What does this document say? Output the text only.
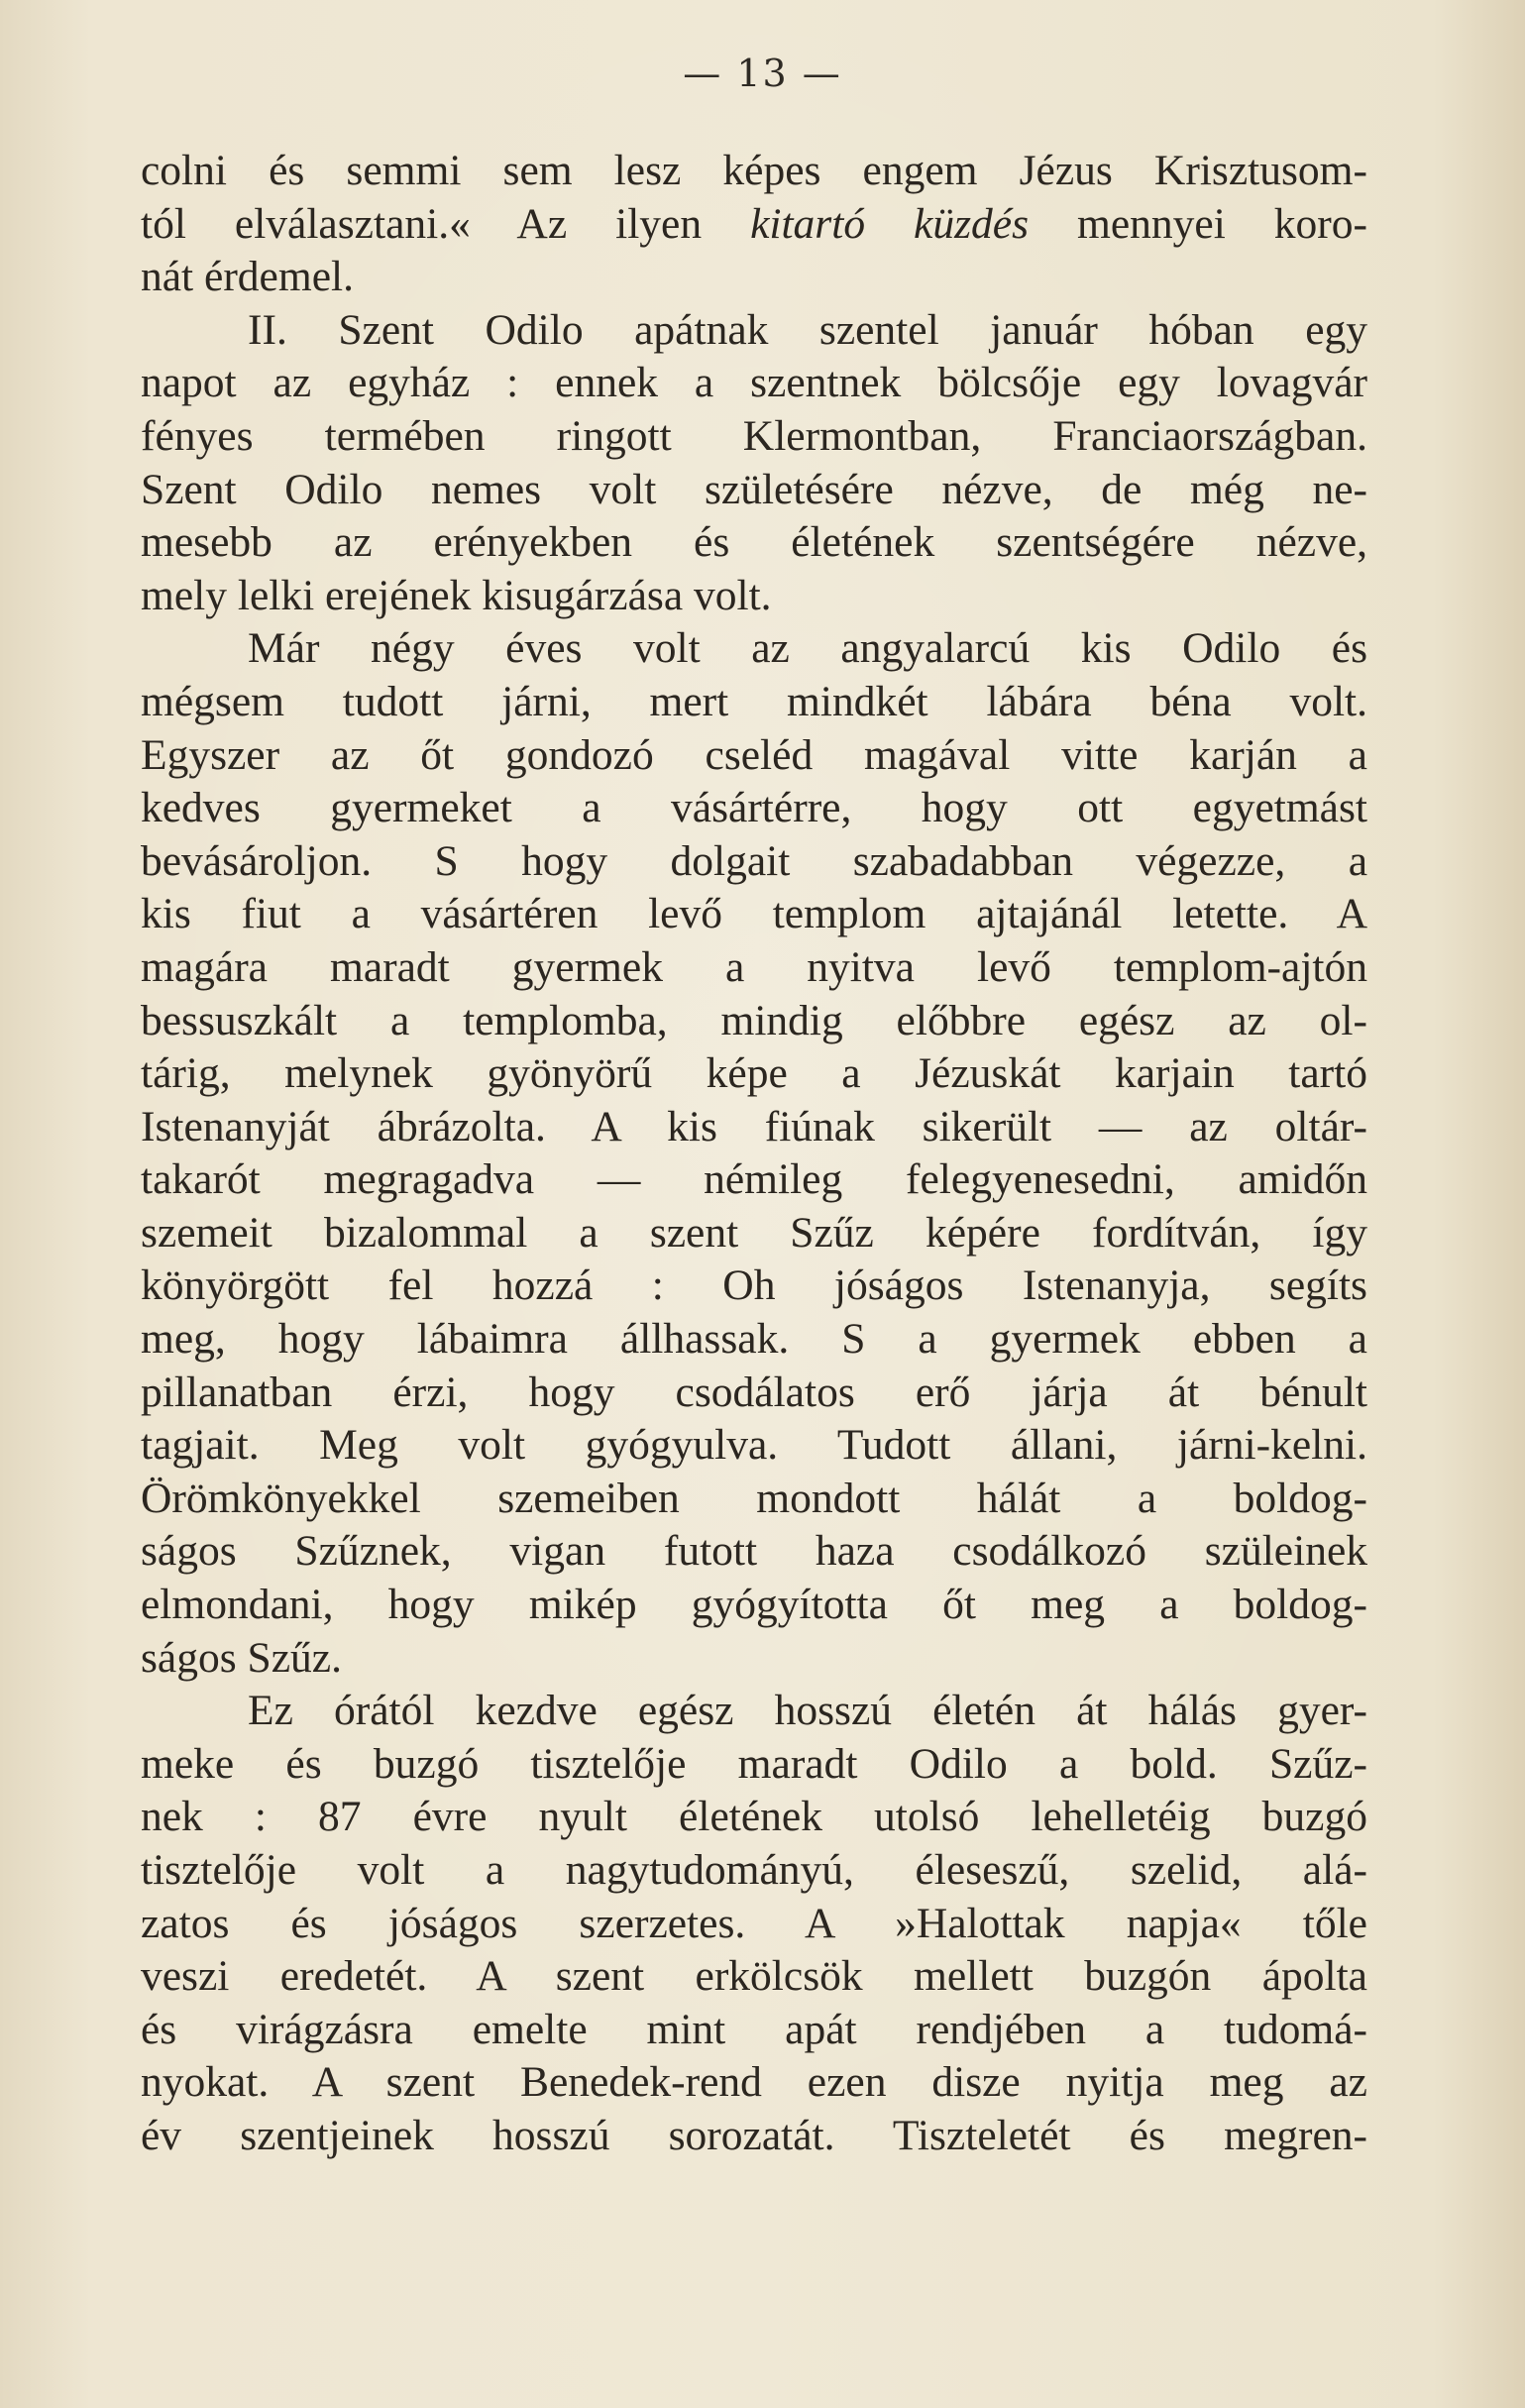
— 13 —
colni és semmi sem lesz képes engem Jézus Krisztusom-
tól elválasztani.« Az ilyen kitartó küzdés mennyei koro-
nát érdemel.
II. Szent Odilo apátnak szentel január hóban egy
napot az egyház : ennek a szentnek bölcsője egy lovagvár
fényes termében ringott Klermontban, Franciaországban.
Szent Odilo nemes volt születésére nézve, de még ne-
mesebb az erényekben és életének szentségére nézve,
mely lelki erejének kisugárzása volt.
Már négy éves volt az angyalarcú kis Odilo és
mégsem tudott járni, mert mindkét lábára béna volt.
Egyszer az őt gondozó cseléd magával vitte karján a
kedves gyermeket a vásártérre, hogy ott egyetmást
bevásároljon. S hogy dolgait szabadabban végezze, a
kis fiut a vásártéren levő templom ajtajánál letette. A
magára maradt gyermek a nyitva levő templom-ajtón
bessuszkált a templomba, mindig előbbre egész az ol-
tárig, melynek gyönyörű képe a Jézuskát karjain tartó
Istenanyját ábrázolta. A kis fiúnak sikerült — az oltár-
takarót megragadva — némileg felegyenesedni, amidőn
szemeit bizalommal a szent Szűz képére fordítván, így
könyörgött fel hozzá : Oh jóságos Istenanyja, segíts
meg, hogy lábaimra állhassak. S a gyermek ebben a
pillanatban érzi, hogy csodálatos erő járja át bénult
tagjait. Meg volt gyógyulva. Tudott állani, járni-kelni.
Örömkönyekkel szemeiben mondott hálát a boldog-
ságos Szűznek, vigan futott haza csodálkozó szüleinek
elmondani, hogy mikép gyógyította őt meg a boldog-
ságos Szűz.
Ez órától kezdve egész hosszú életén át hálás gyer-
meke és buzgó tisztelője maradt Odilo a bold. Szűz-
nek : 87 évre nyult életének utolsó lehelletéig buzgó
tisztelője volt a nagytudományú, éleseszű, szelid, alá-
zatos és jóságos szerzetes. A »Halottak napja« tőle
veszi eredetét. A szent erkölcsök mellett buzgón ápolta
és virágzásra emelte mint apát rendjében a tudomá-
nyokat. A szent Benedek-rend ezen disze nyitja meg az
év szentjeinek hosszú sorozatát. Tiszteletét és megren-
